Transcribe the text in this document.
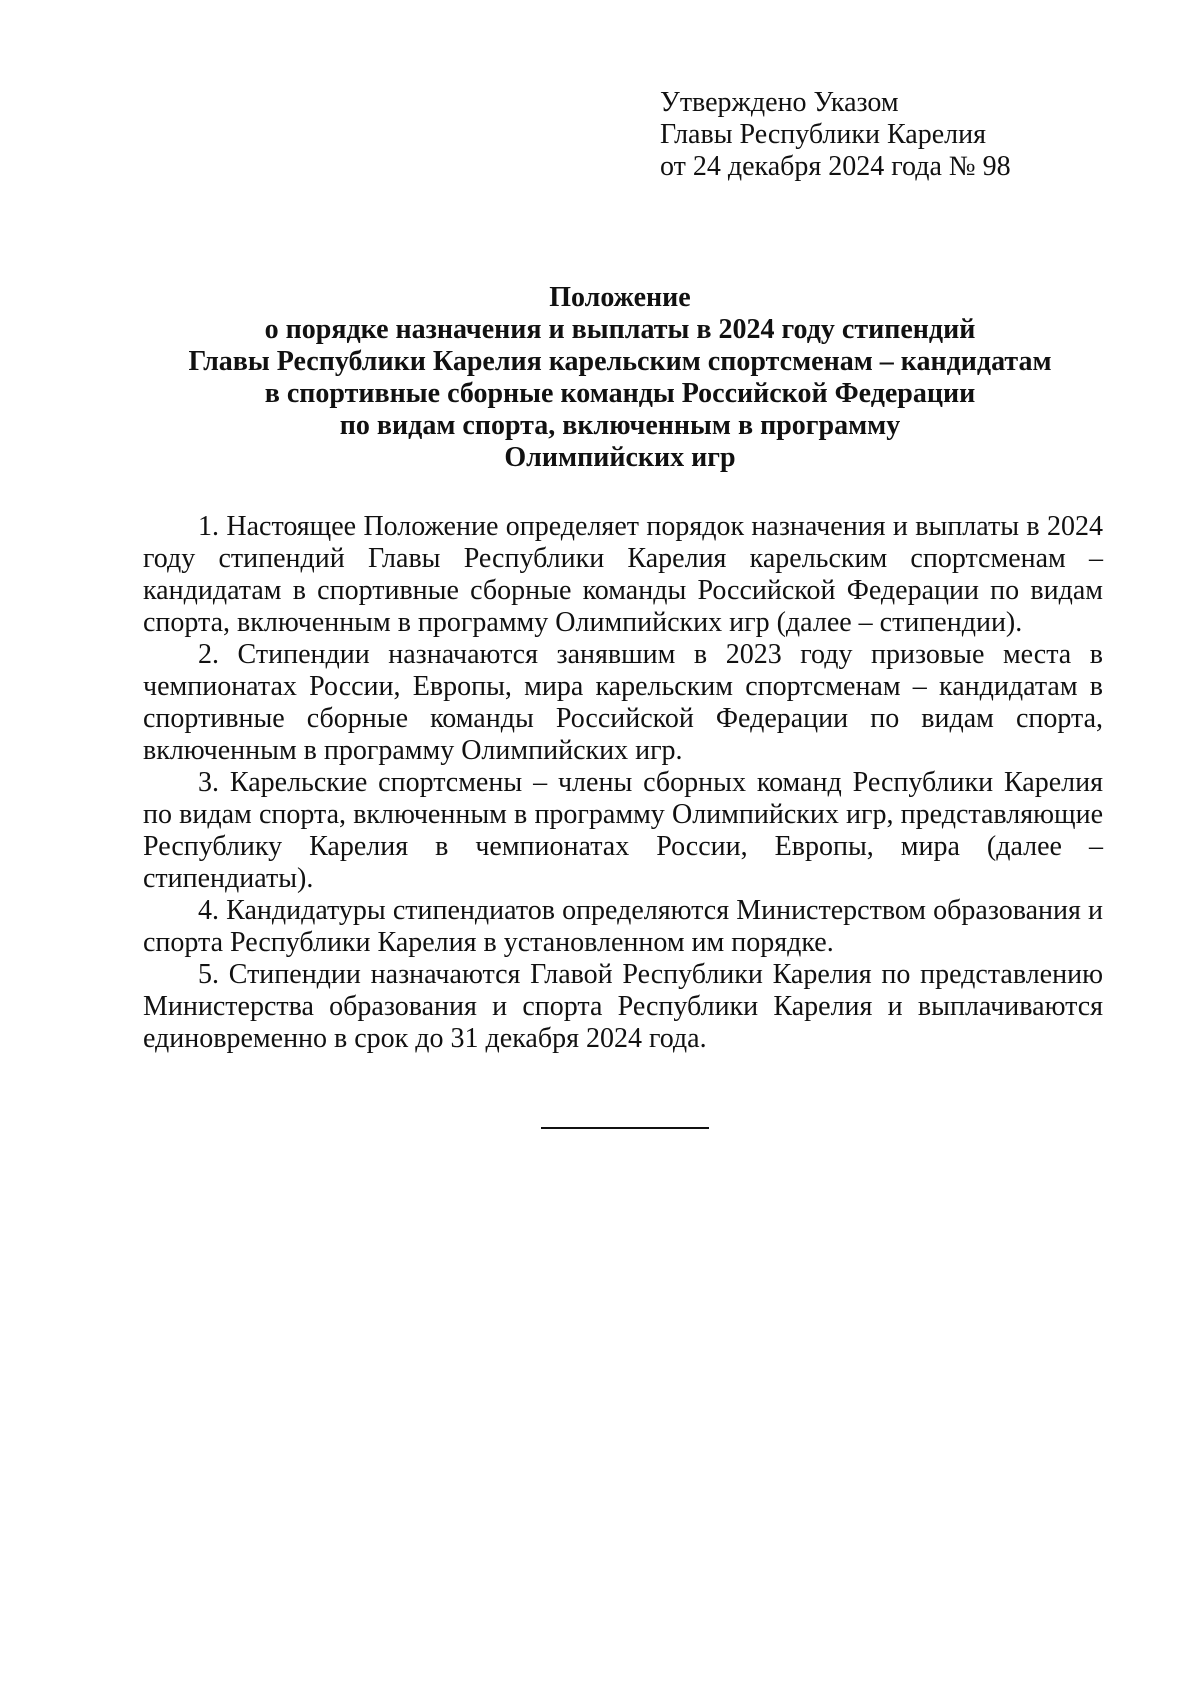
Утверждено Указом
Главы Республики Карелия
от 24 декабря 2024 года № 98
Положение
о порядке назначения и выплаты в 2024 году стипендий
Главы Республики Карелия карельским спортсменам – кандидатам
в спортивные сборные команды Российской Федерации
по видам спорта, включенным в программу
Олимпийских игр

1. Настоящее Положение определяет порядок назначения и выплаты в 2024 году стипендий Главы Республики Карелия карельским спортсменам – кандидатам в спортивные сборные команды Российской Федерации по видам спорта, включенным в программу Олимпийских игр (далее – стипендии).

2. Стипендии назначаются занявшим в 2023 году призовые места в чемпионатах России, Европы, мира карельским спортсменам – кандидатам в спортивные сборные команды Российской Федерации по видам спорта, включенным в программу Олимпийских игр.

3. Карельские спортсмены – члены сборных команд Республики Карелия по видам спорта, включенным в программу Олимпийских игр, представляющие Республику Карелия в чемпионатах России, Европы, мира (далее – стипендиаты).

4. Кандидатуры стипендиатов определяются Министерством образования и спорта Республики Карелия в установленном им порядке.

5. Стипендии назначаются Главой Республики Карелия по представлению Министерства образования и спорта Республики Карелия и выплачиваются единовременно в срок до 31 декабря 2024 года.
